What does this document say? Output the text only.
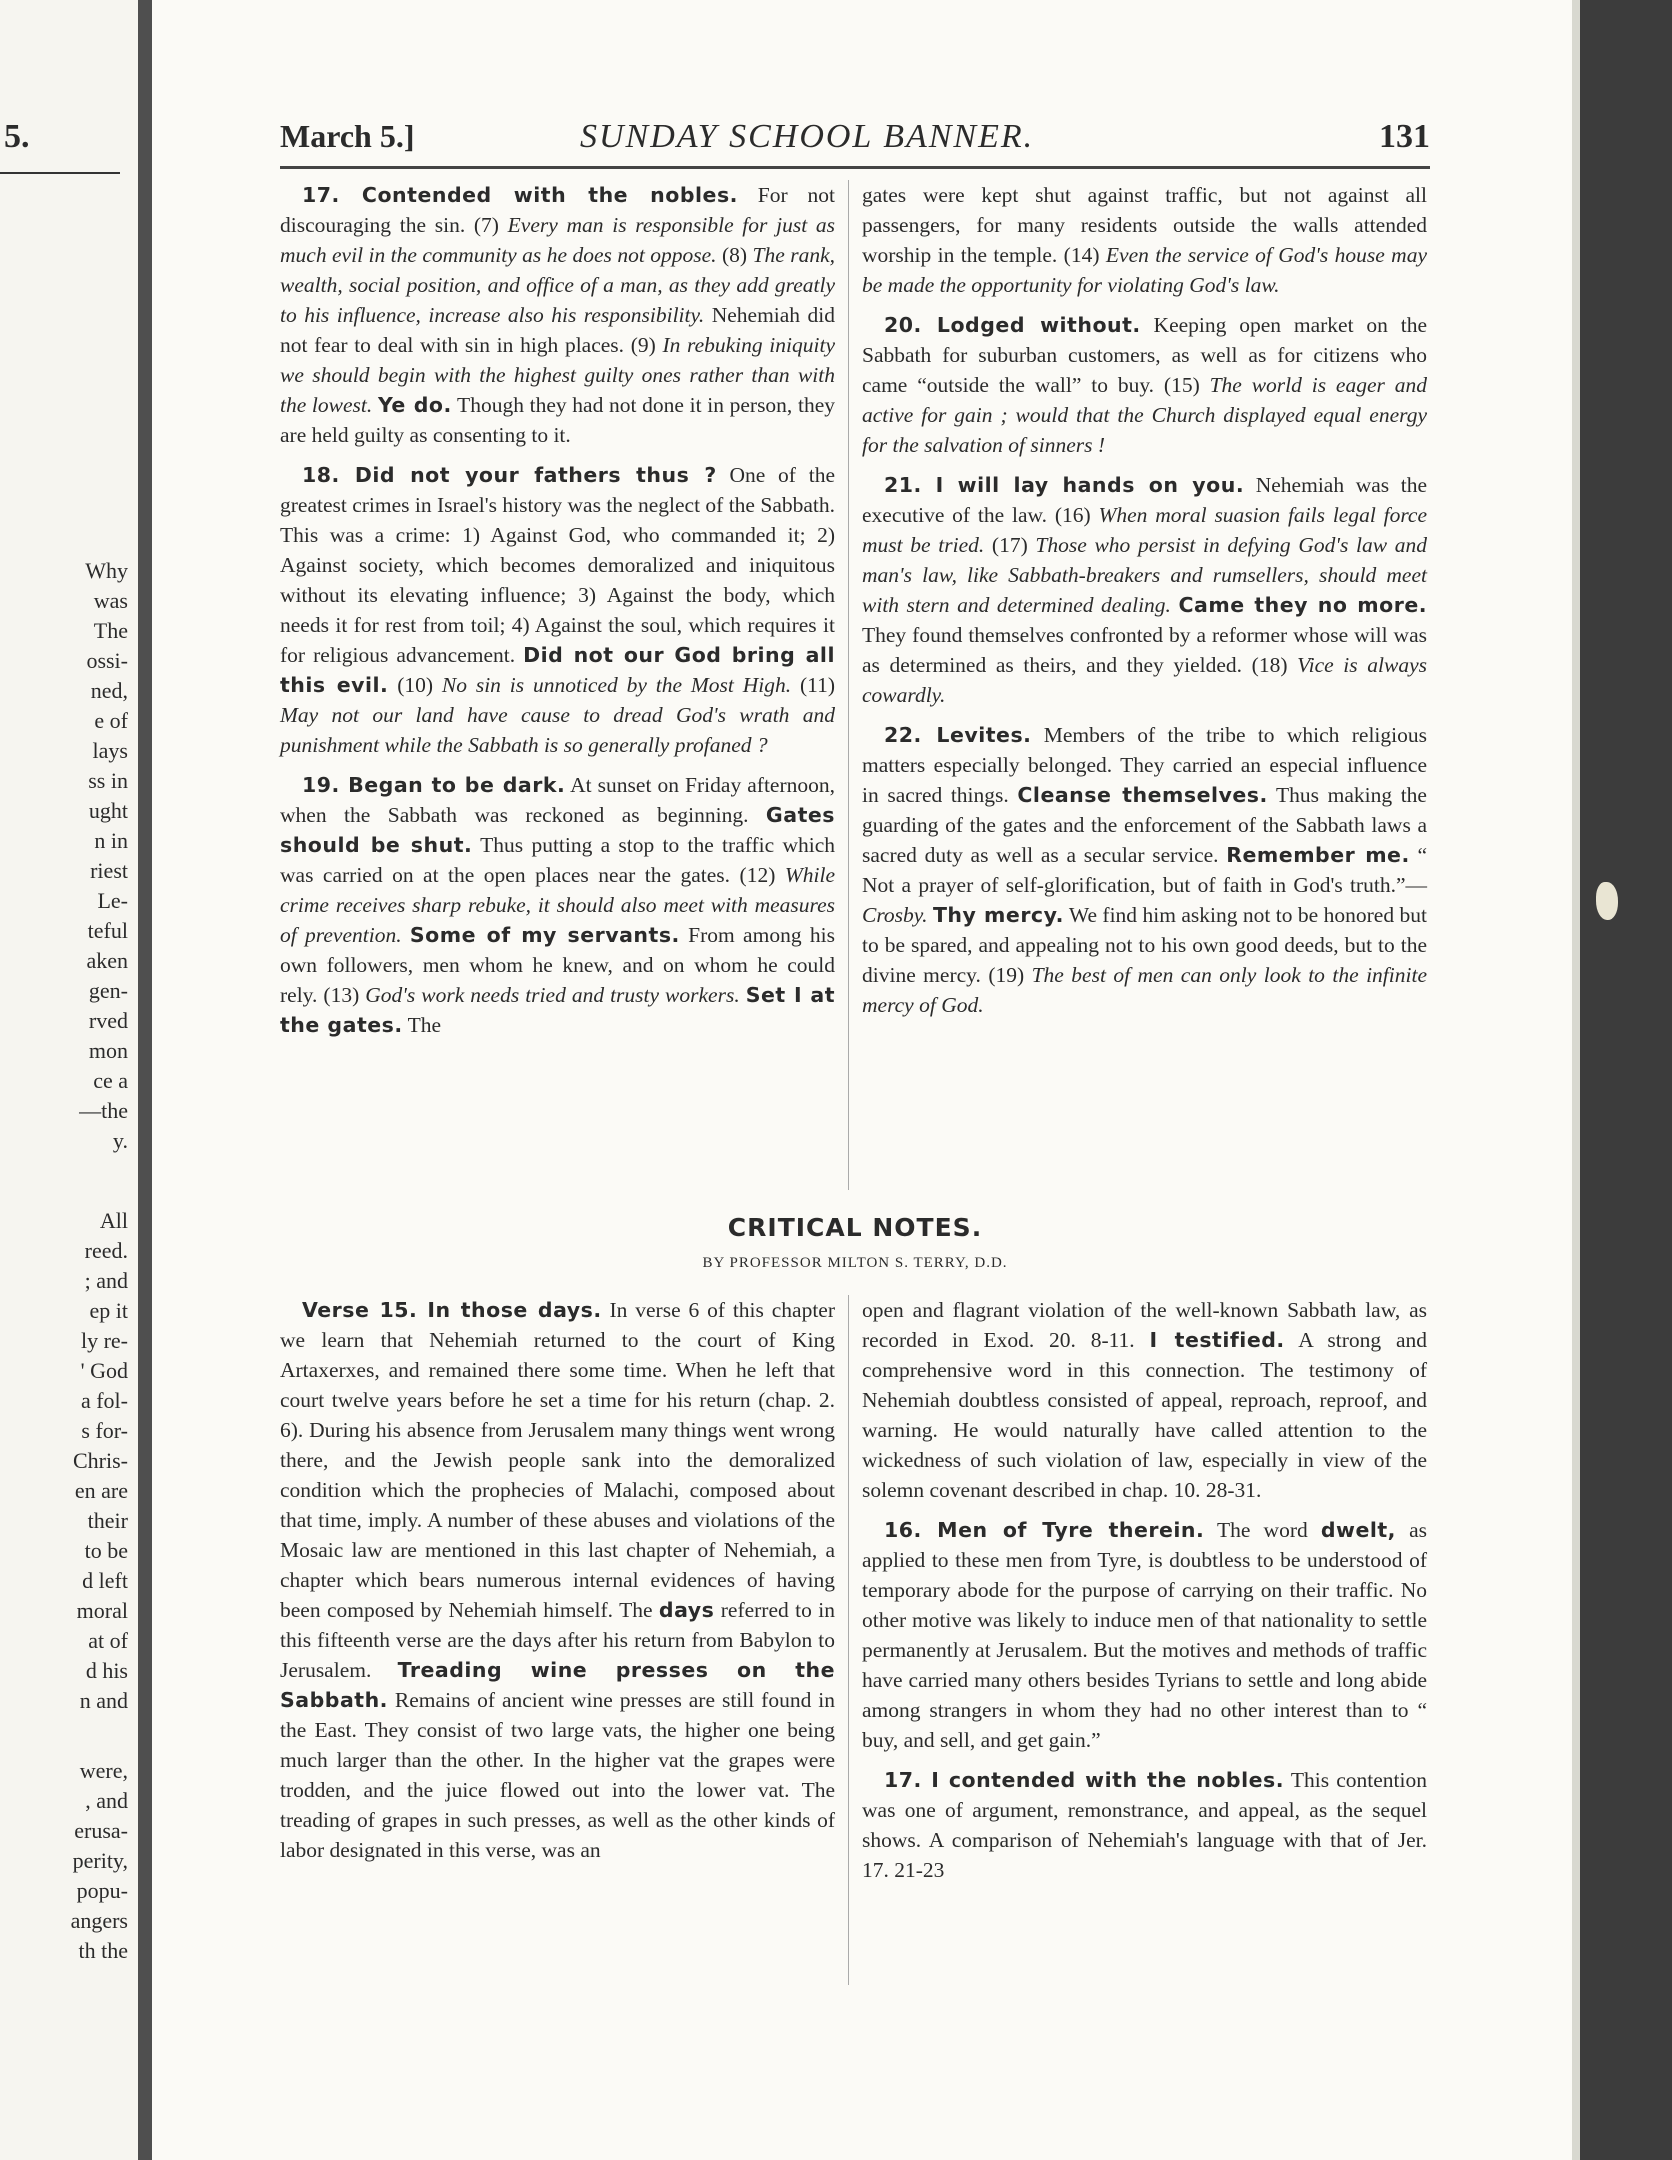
5.
Why
was
The
ossi-
ned,
e of
lays
ss in
ught
n in
riest
Le-
teful
aken
gen-
rved
mon
ce a
—the
y.
All
reed.
; and
ep it
ly re-
' God
a fol-
s for-
Chris-
en are
their
to be
d left
moral
at of
d his
n and
were,
, and
erusa-
perity,
popu-
angers
th the
March 5.]	SUNDAY SCHOOL BANNER.	131

17. Contended with the nobles. For not discouraging the sin. (7) Every man is responsible for just as much evil in the community as he does not oppose. (8) The rank, wealth, social position, and office of a man, as they add greatly to his influence, increase also his responsibility. Nehemiah did not fear to deal with sin in high places. (9) In rebuking iniquity we should begin with the highest guilty ones rather than with the lowest. Ye do. Though they had not done it in person, they are held guilty as consenting to it.

18. Did not your fathers thus ? One of the greatest crimes in Israel's history was the neglect of the Sabbath. This was a crime: 1) Against God, who commanded it; 2) Against society, which becomes demoralized and iniquitous without its elevating influence; 3) Against the body, which needs it for rest from toil; 4) Against the soul, which requires it for religious advancement. Did not our God bring all this evil. (10) No sin is unnoticed by the Most High. (11) May not our land have cause to dread God's wrath and punishment while the Sabbath is so generally profaned ?

19. Began to be dark. At sunset on Friday afternoon, when the Sabbath was reckoned as beginning. Gates should be shut. Thus putting a stop to the traffic which was carried on at the open places near the gates. (12) While crime receives sharp rebuke, it should also meet with measures of prevention. Some of my servants. From among his own followers, men whom he knew, and on whom he could rely. (13) God's work needs tried and trusty workers. Set I at the gates. The

gates were kept shut against traffic, but not against all passengers, for many residents outside the walls attended worship in the temple. (14) Even the service of God's house may be made the opportunity for violating God's law.

20. Lodged without. Keeping open market on the Sabbath for suburban customers, as well as for citizens who came “outside the wall” to buy. (15) The world is eager and active for gain ; would that the Church displayed equal energy for the salvation of sinners !

21. I will lay hands on you. Nehemiah was the executive of the law. (16) When moral suasion fails legal force must be tried. (17) Those who persist in defying God's law and man's law, like Sabbath-breakers and rumsellers, should meet with stern and determined dealing. Came they no more. They found themselves confronted by a reformer whose will was as determined as theirs, and they yielded. (18) Vice is always cowardly.

22. Levites. Members of the tribe to which religious matters especially belonged. They carried an especial influence in sacred things. Cleanse themselves. Thus making the guarding of the gates and the enforcement of the Sabbath laws a sacred duty as well as a secular service. Remember me. “ Not a prayer of self-glorification, but of faith in God's truth.”—Crosby. Thy mercy. We find him asking not to be honored but to be spared, and appealing not to his own good deeds, but to the divine mercy. (19) The best of men can only look to the infinite mercy of God.

CRITICAL NOTES.
BY PROFESSOR MILTON S. TERRY, D.D.

Verse 15. In those days. In verse 6 of this chapter we learn that Nehemiah returned to the court of King Artaxerxes, and remained there some time. When he left that court twelve years before he set a time for his return (chap. 2. 6). During his absence from Jerusalem many things went wrong there, and the Jewish people sank into the demoralized condition which the prophecies of Malachi, composed about that time, imply. A number of these abuses and violations of the Mosaic law are mentioned in this last chapter of Nehemiah, a chapter which bears numerous internal evidences of having been composed by Nehemiah himself. The days referred to in this fifteenth verse are the days after his return from Babylon to Jerusalem. Treading wine presses on the Sabbath. Remains of ancient wine presses are still found in the East. They consist of two large vats, the higher one being much larger than the other. In the higher vat the grapes were trodden, and the juice flowed out into the lower vat. The treading of grapes in such presses, as well as the other kinds of labor designated in this verse, was an

open and flagrant violation of the well-known Sabbath law, as recorded in Exod. 20. 8-11. I testified. A strong and comprehensive word in this connection. The testimony of Nehemiah doubtless consisted of appeal, reproach, reproof, and warning. He would naturally have called attention to the wickedness of such violation of law, especially in view of the solemn covenant described in chap. 10. 28-31.

16. Men of Tyre therein. The word dwelt, as applied to these men from Tyre, is doubtless to be understood of temporary abode for the purpose of carrying on their traffic. No other motive was likely to induce men of that nationality to settle permanently at Jerusalem. But the motives and methods of traffic have carried many others besides Tyrians to settle and long abide among strangers in whom they had no other interest than to “ buy, and sell, and get gain.”

17. I contended with the nobles. This contention was one of argument, remonstrance, and appeal, as the sequel shows. A comparison of Nehemiah's language with that of Jer. 17. 21-23
